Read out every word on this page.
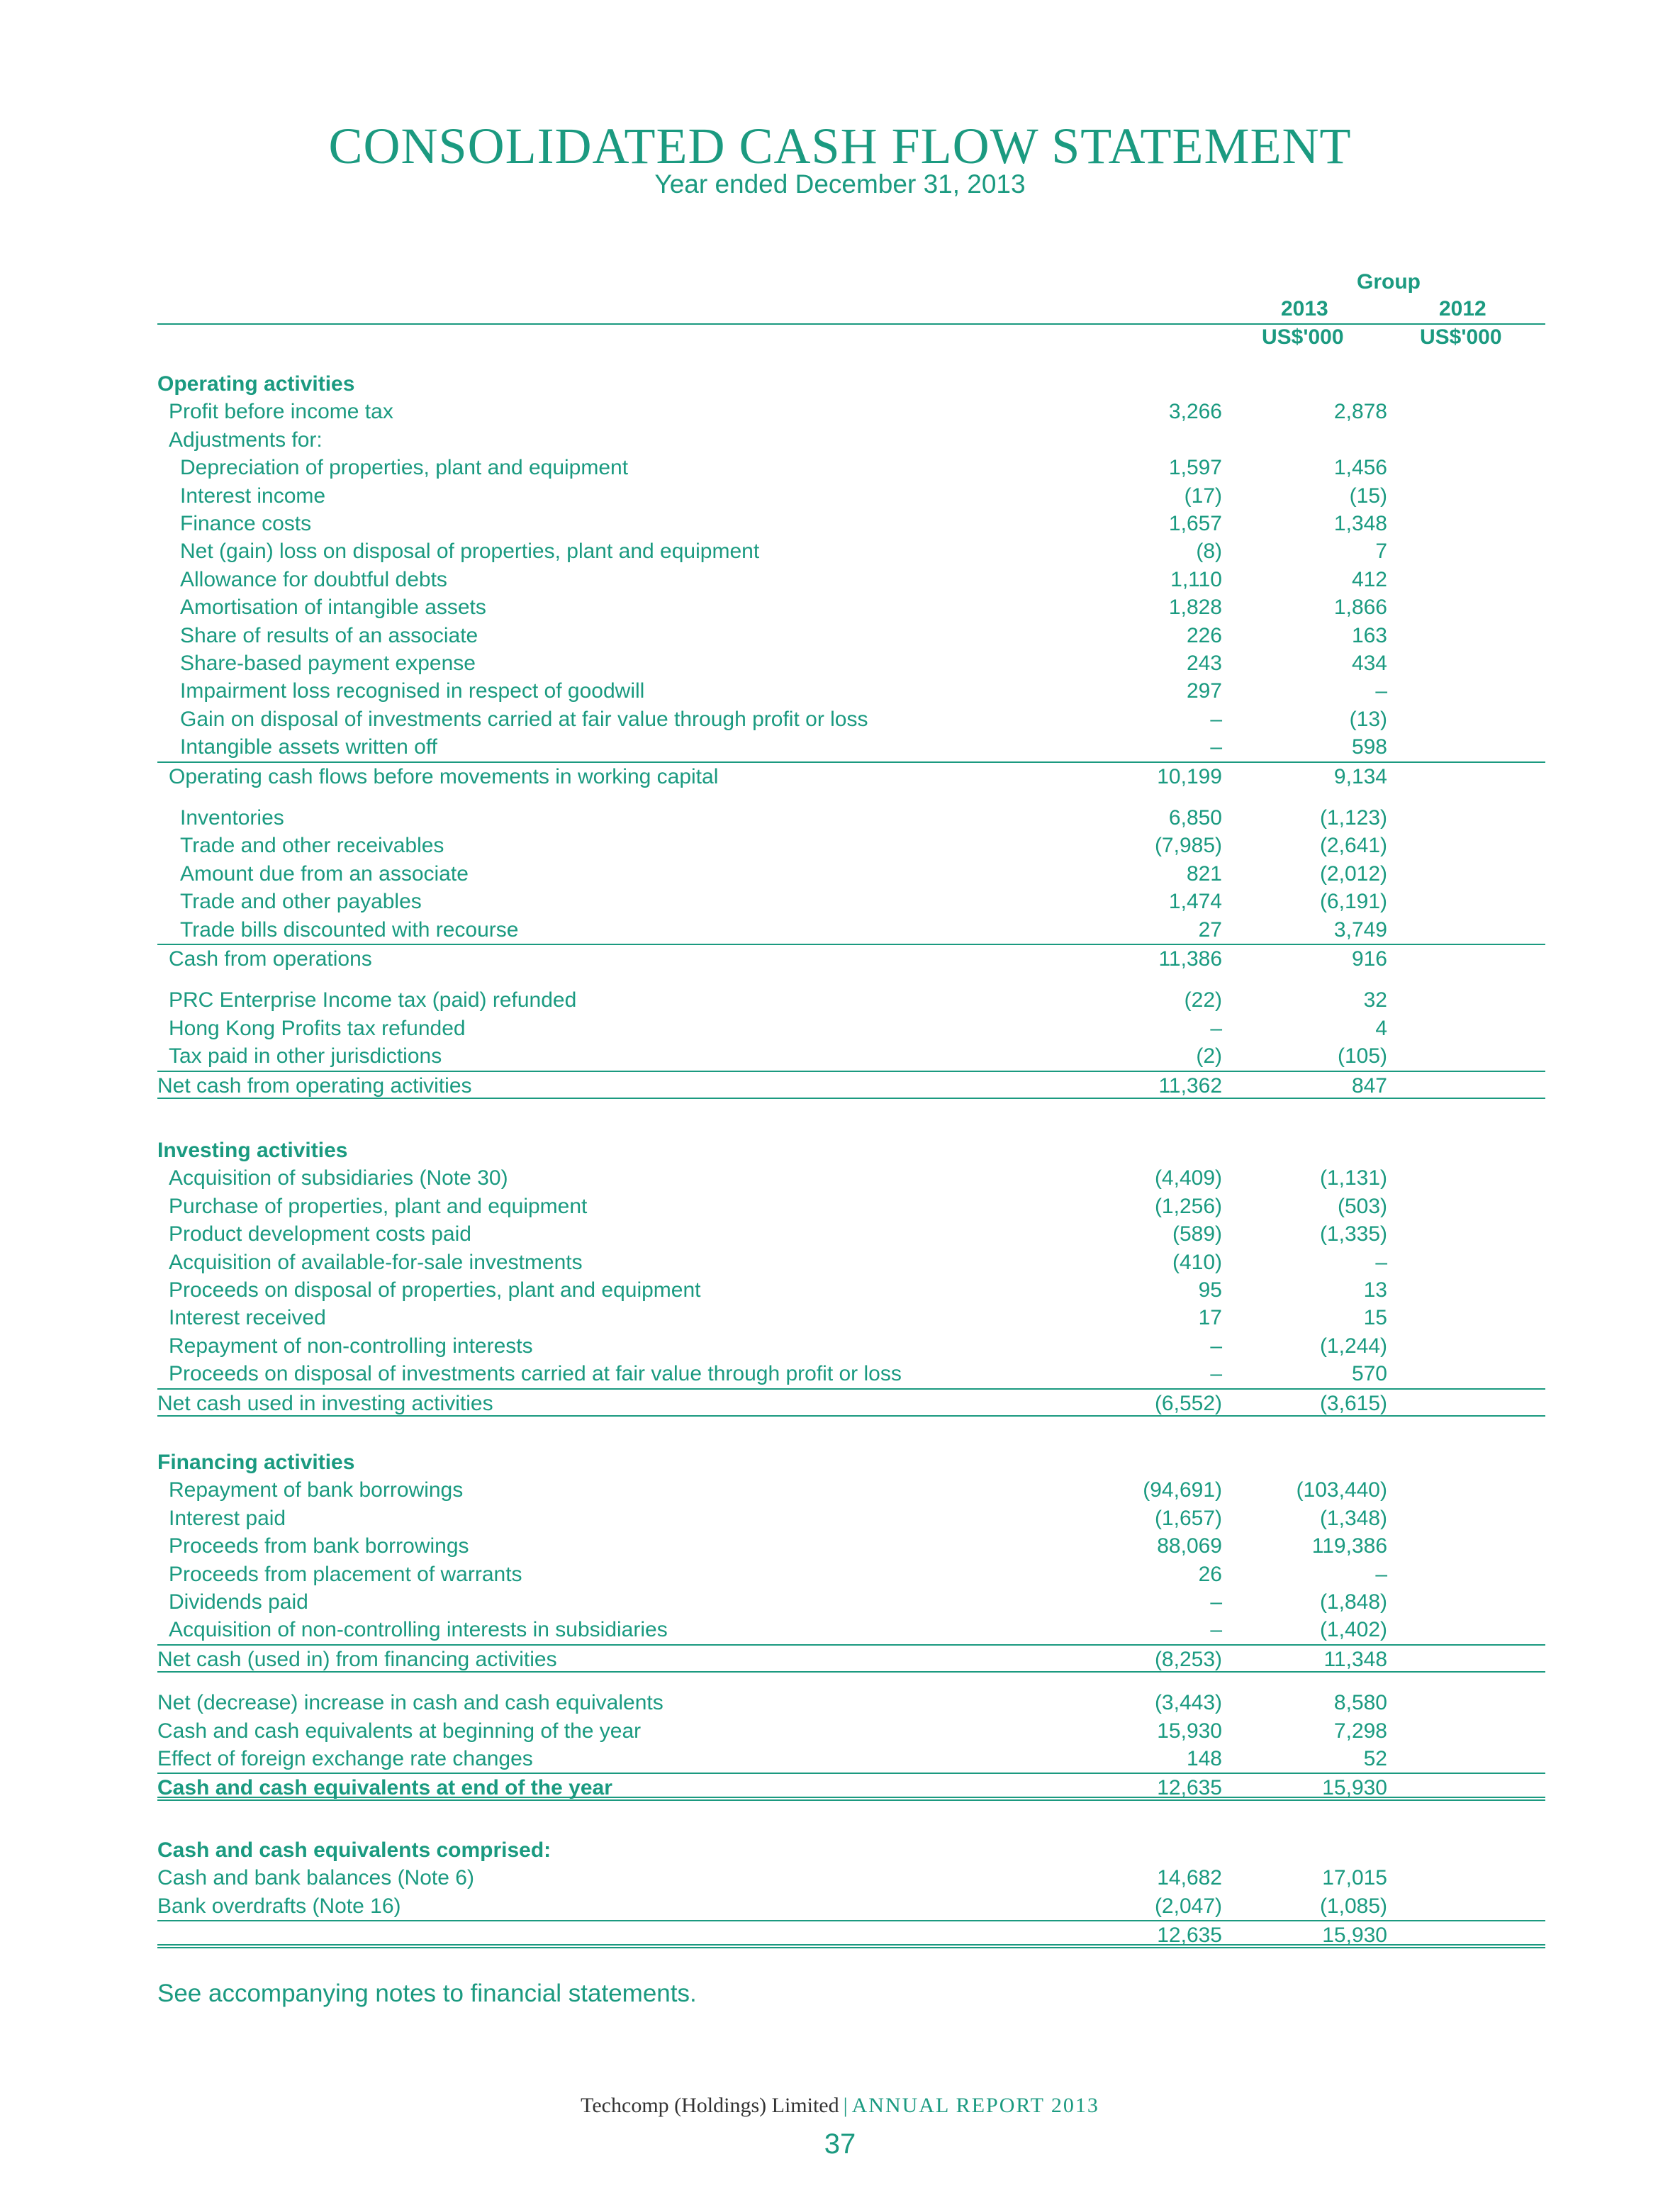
CONSOLIDATED CASH FLOW STATEMENT
Year ended December 31, 2013
Group
2013	2012
US$'000	US$'000
Operating activities
Profit before income tax	3,266	2,878
Adjustments for:
Depreciation of properties, plant and equipment	1,597	1,456
Interest income	(17)	(15)
Finance costs	1,657	1,348
Net (gain) loss on disposal of properties, plant and equipment	(8)	7
Allowance for doubtful debts	1,110	412
Amortisation of intangible assets	1,828	1,866
Share of results of an associate	226	163
Share-based payment expense	243	434
Impairment loss recognised in respect of goodwill	297	–
Gain on disposal of investments carried at fair value through profit or loss	–	(13)
Intangible assets written off	–	598
Operating cash flows before movements in working capital	10,199	9,134
Inventories	6,850	(1,123)
Trade and other receivables	(7,985)	(2,641)
Amount due from an associate	821	(2,012)
Trade and other payables	1,474	(6,191)
Trade bills discounted with recourse	27	3,749
Cash from operations	11,386	916
PRC Enterprise Income tax (paid) refunded	(22)	32
Hong Kong Profits tax refunded	–	4
Tax paid in other jurisdictions	(2)	(105)
Net cash from operating activities	11,362	847
Investing activities
Acquisition of subsidiaries (Note 30)	(4,409)	(1,131)
Purchase of properties, plant and equipment	(1,256)	(503)
Product development costs paid	(589)	(1,335)
Acquisition of available-for-sale investments	(410)	–
Proceeds on disposal of properties, plant and equipment	95	13
Interest received	17	15
Repayment of non-controlling interests	–	(1,244)
Proceeds on disposal of investments carried at fair value through profit or loss	–	570
Net cash used in investing activities	(6,552)	(3,615)
Financing activities
Repayment of bank borrowings	(94,691)	(103,440)
Interest paid	(1,657)	(1,348)
Proceeds from bank borrowings	88,069	119,386
Proceeds from placement of warrants	26	–
Dividends paid	–	(1,848)
Acquisition of non-controlling interests in subsidiaries	–	(1,402)
Net cash (used in) from financing activities	(8,253)	11,348
Net (decrease) increase in cash and cash equivalents	(3,443)	8,580
Cash and cash equivalents at beginning of the year	15,930	7,298
Effect of foreign exchange rate changes	148	52
Cash and cash equivalents at end of the year	12,635	15,930
Cash and cash equivalents comprised:
Cash and bank balances (Note 6)	14,682	17,015
Bank overdrafts (Note 16)	(2,047)	(1,085)
12,635	15,930
See accompanying notes to financial statements.
Techcomp (Holdings) Limited | ANNUAL REPORT 2013
37
